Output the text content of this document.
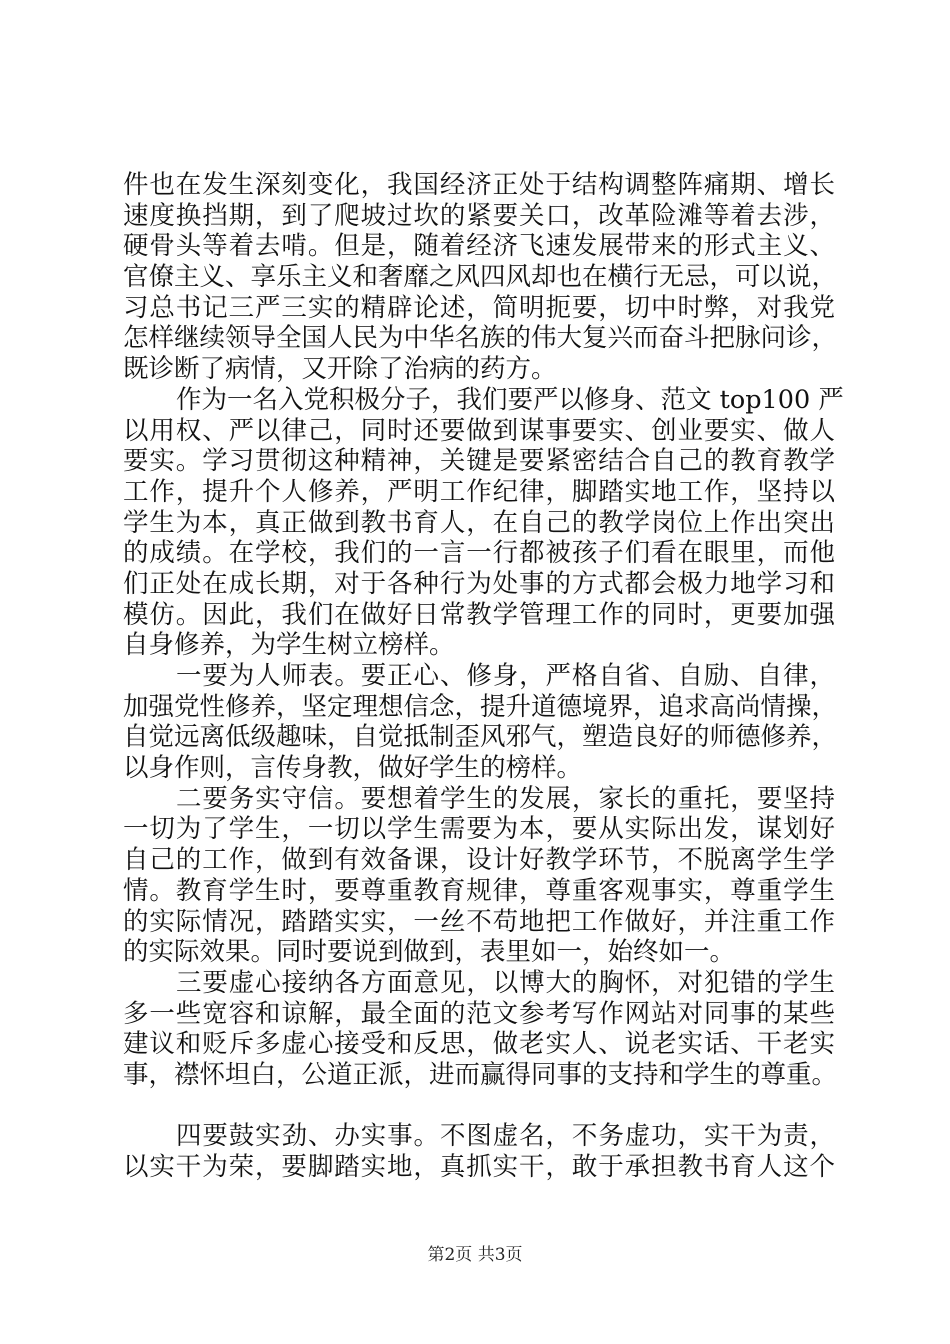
件也在发生深刻变化，我国经济正处于结构调整阵痛期、增长
速度换挡期，到了爬坡过坎的紧要关口，改革险滩等着去涉，
硬骨头等着去啃。但是，随着经济飞速发展带来的形式主义、
官僚主义、享乐主义和奢靡之风四风却也在横行无忌，可以说，
习总书记三严三实的精辟论述，简明扼要，切中时弊，对我党
怎样继续领导全国人民为中华名族的伟大复兴而奋斗把脉问诊，
既诊断了病情，又开除了治病的药方。
作为一名入党积极分子，我们要严以修身、范文 top100 严
以用权、严以律己，同时还要做到谋事要实、创业要实、做人
要实。学习贯彻这种精神，关键是要紧密结合自己的教育教学
工作，提升个人修养，严明工作纪律，脚踏实地工作，坚持以
学生为本，真正做到教书育人，在自己的教学岗位上作出突出
的成绩。在学校，我们的一言一行都被孩子们看在眼里，而他
们正处在成长期，对于各种行为处事的方式都会极力地学习和
模仿。因此，我们在做好日常教学管理工作的同时，更要加强
自身修养，为学生树立榜样。
一要为人师表。要正心、修身，严格自省、自励、自律，
加强党性修养，坚定理想信念，提升道德境界，追求高尚情操，
自觉远离低级趣味，自觉抵制歪风邪气，塑造良好的师德修养，
以身作则，言传身教，做好学生的榜样。
二要务实守信。要想着学生的发展，家长的重托，要坚持
一切为了学生，一切以学生需要为本，要从实际出发，谋划好
自己的工作，做到有效备课，设计好教学环节，不脱离学生学
情。教育学生时，要尊重教育规律，尊重客观事实，尊重学生
的实际情况，踏踏实实，一丝不苟地把工作做好，并注重工作
的实际效果。同时要说到做到，表里如一，始终如一。
三要虚心接纳各方面意见，以博大的胸怀，对犯错的学生
多一些宽容和谅解，最全面的范文参考写作网站对同事的某些
建议和贬斥多虚心接受和反思，做老实人、说老实话、干老实
事，襟怀坦白，公道正派，进而赢得同事的支持和学生的尊重。
四要鼓实劲、办实事。不图虚名，不务虚功，实干为责，
以实干为荣，要脚踏实地，真抓实干，敢于承担教书育人这个
第2页 共3页
